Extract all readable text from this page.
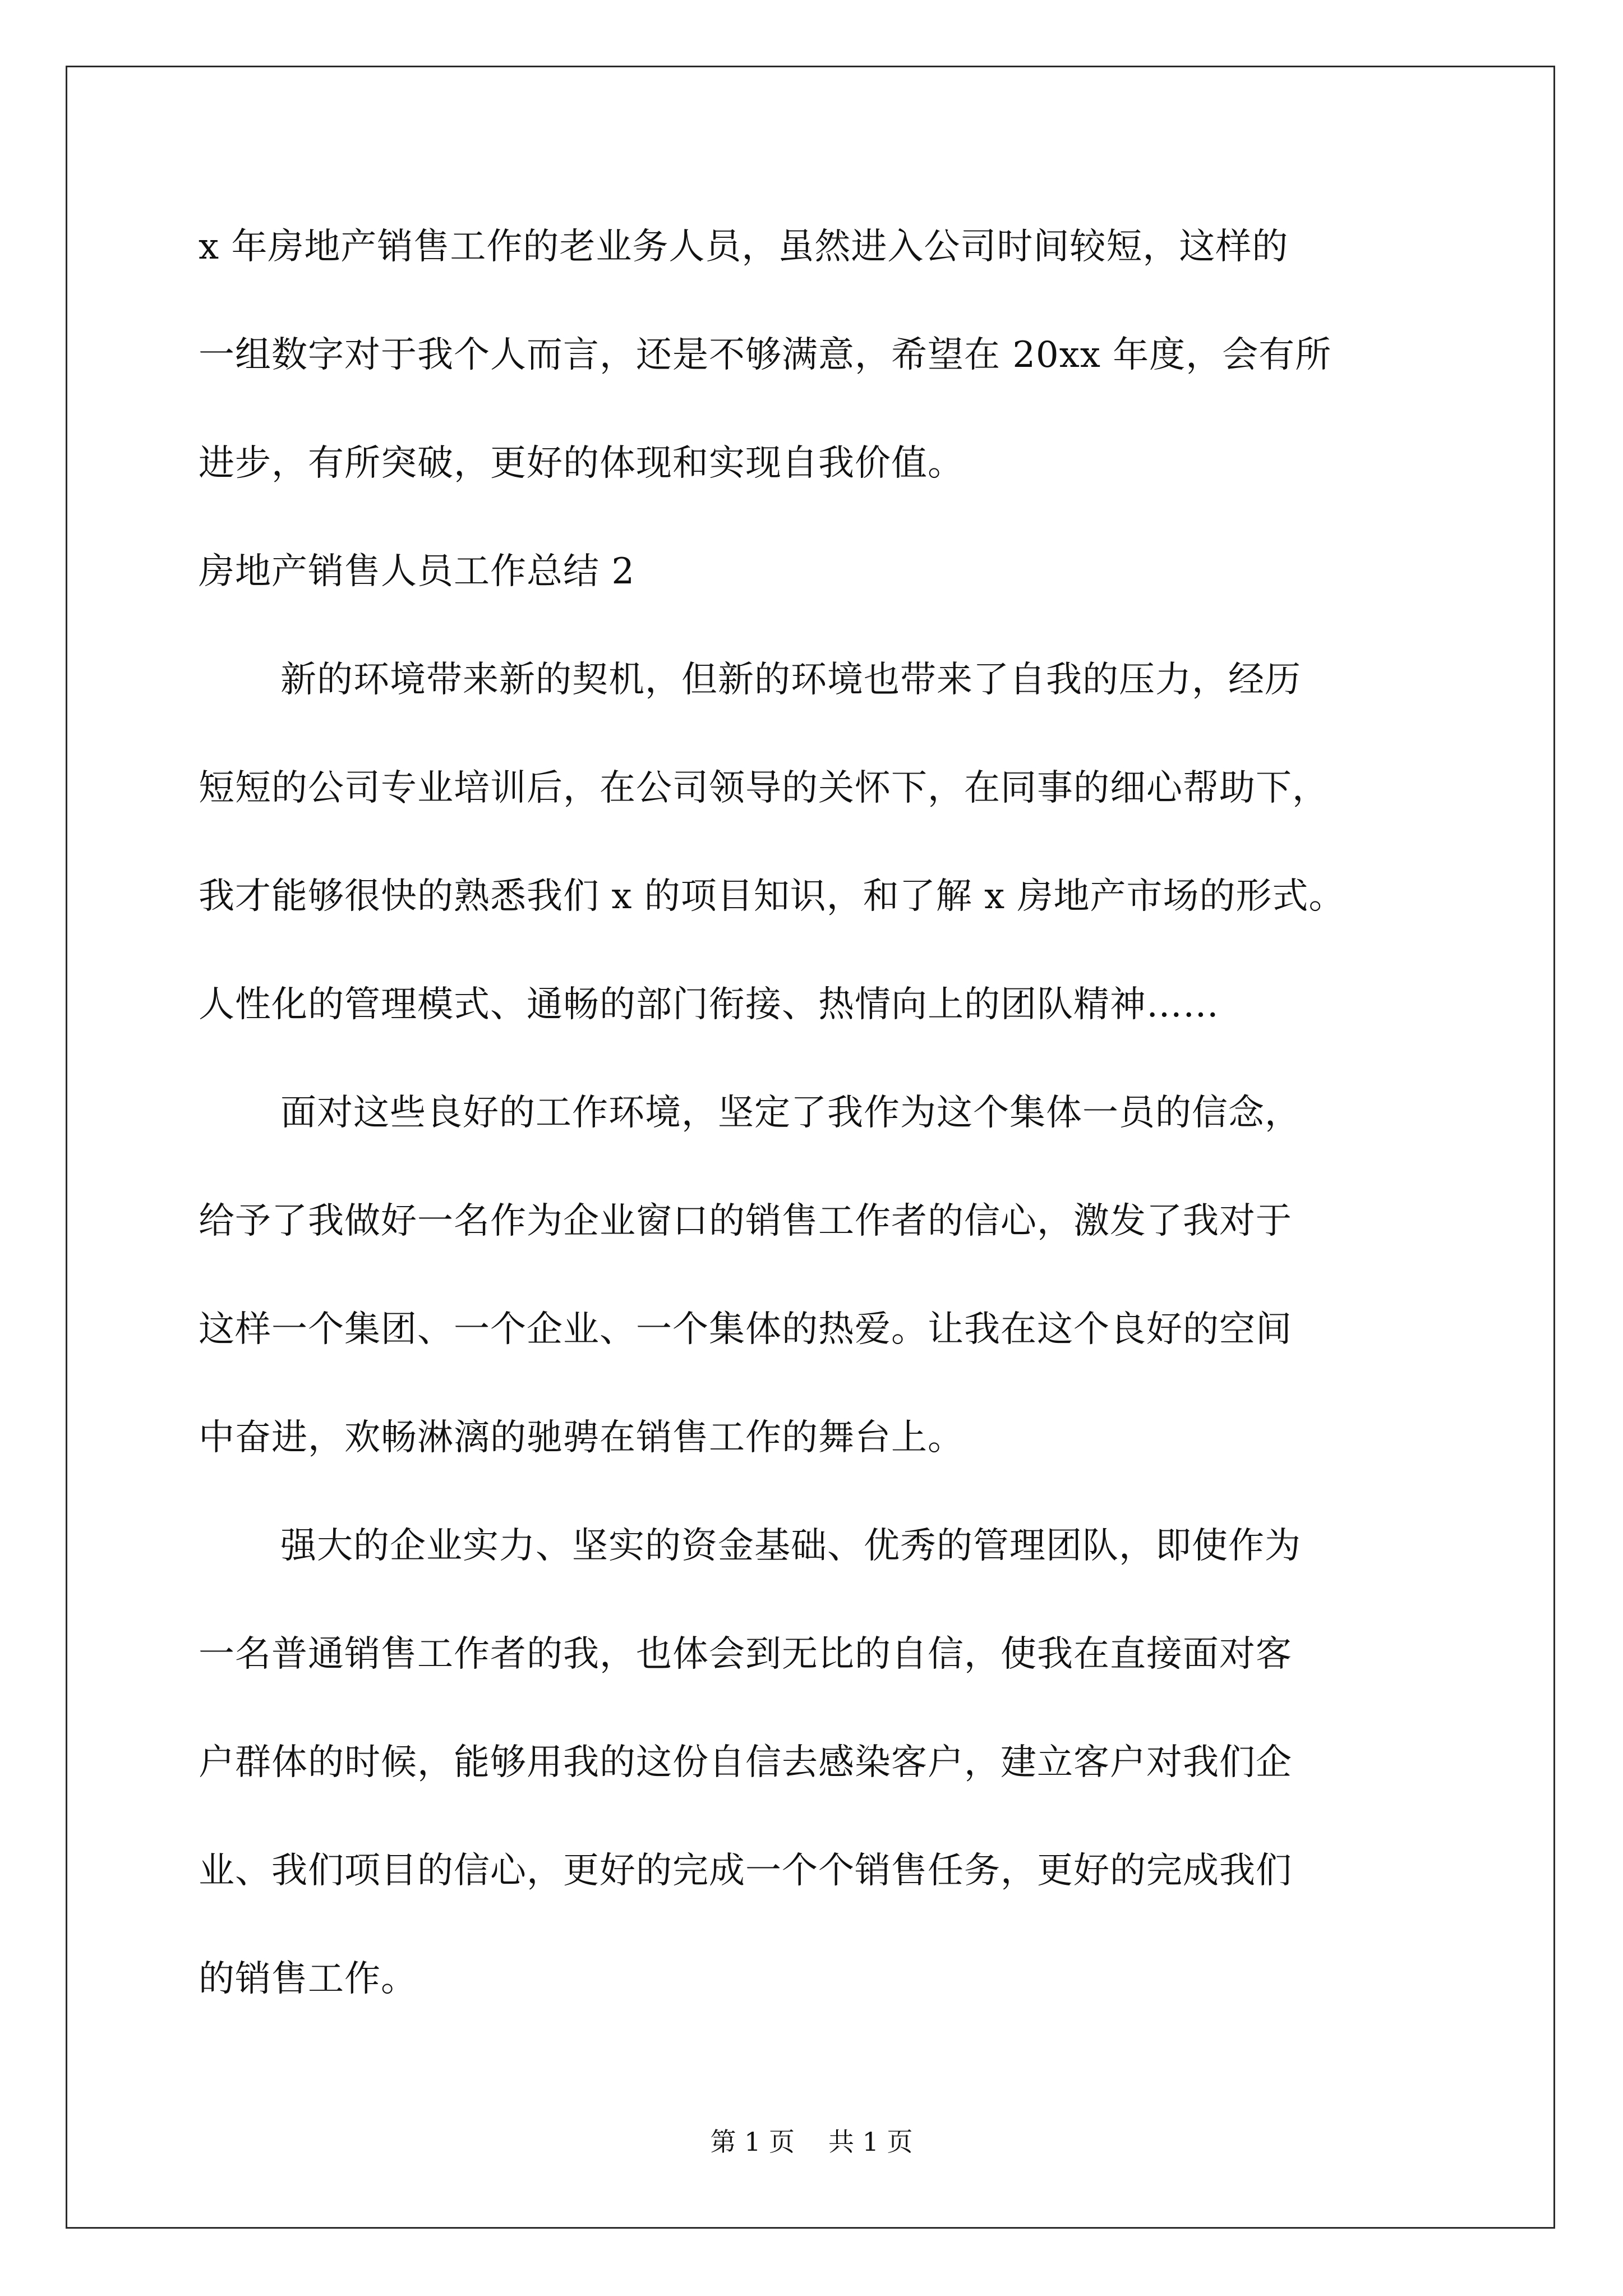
x 年房地产销售工作的老业务人员，虽然进入公司时间较短，这样的

一组数字对于我个人而言，还是不够满意，希望在 20xx 年度，会有所

进步，有所突破，更好的体现和实现自我价值。

房地产销售人员工作总结 2

新的环境带来新的契机，但新的环境也带来了自我的压力，经历

短短的公司专业培训后，在公司领导的关怀下，在同事的细心帮助下，

我才能够很快的熟悉我们 x 的项目知识，和了解 x 房地产市场的形式。

人性化的管理模式、通畅的部门衔接、热情向上的团队精神……

面对这些良好的工作环境，坚定了我作为这个集体一员的信念，

给予了我做好一名作为企业窗口的销售工作者的信心，激发了我对于

这样一个集团、一个企业、一个集体的热爱。让我在这个良好的空间

中奋进，欢畅淋漓的驰骋在销售工作的舞台上。

强大的企业实力、坚实的资金基础、优秀的管理团队，即使作为

一名普通销售工作者的我，也体会到无比的自信，使我在直接面对客

户群体的时候，能够用我的这份自信去感染客户，建立客户对我们企

业、我们项目的信心，更好的完成一个个销售任务，更好的完成我们

的销售工作。

第 1 页 共 1 页
